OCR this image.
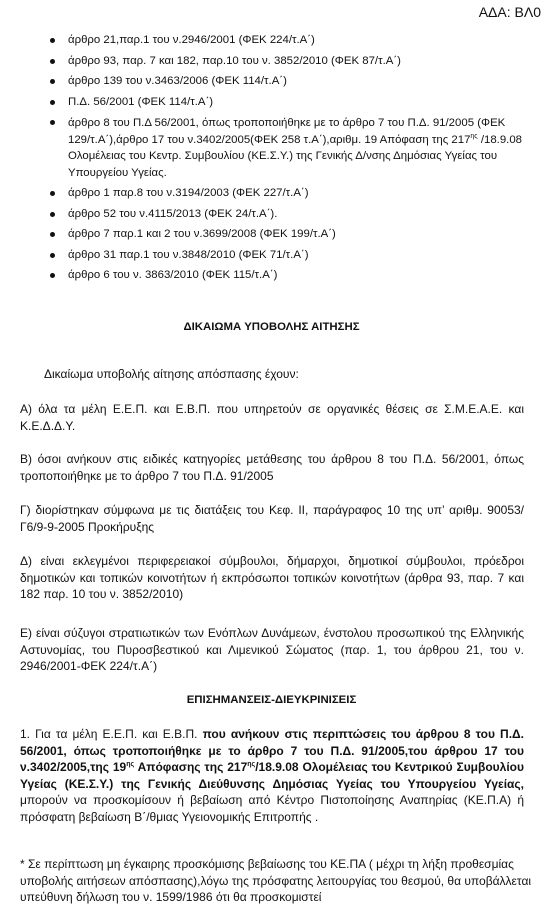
ΑΔΑ: ΒΛ0
άρθρο 21,παρ.1 του ν.2946/2001 (ΦΕΚ 224/τ.Α΄)
άρθρο 93, παρ. 7 και 182, παρ.10 του ν. 3852/2010 (ΦΕΚ 87/τ.Α΄)
άρθρο 139 του ν.3463/2006 (ΦΕΚ 114/τ.Α΄)
Π.Δ. 56/2001 (ΦΕΚ 114/τ.Α΄)
άρθρο 8 του Π.Δ 56/2001, όπως τροποποιήθηκε με το άρθρο 7 του Π.Δ. 91/2005 (ΦΕΚ 129/τ.Α΄),άρθρο 17 του ν.3402/2005(ΦΕΚ 258 τ.Α΄),αριθμ. 19 Απόφαση της $217^{\eta\varsigma}$ /18.9.08 Ολομέλειας του Κεντρ. Συμβουλίου (ΚΕ.Σ.Υ.) της Γενικής Δ/νσης Δημόσιας Υγείας του Υπουργείου Υγείας.
άρθρο 1 παρ.8 του ν.3194/2003 (ΦΕΚ 227/τ.Α΄)
άρθρο 52 του ν.4115/2013 (ΦΕΚ 24/τ.Α΄).
άρθρο 7 παρ.1 και 2 του ν.3699/2008 (ΦΕΚ 199/τ.Α΄)
άρθρο 31 παρ.1 του ν.3848/2010 (ΦΕΚ 71/τ.Α΄)
άρθρο 6 του ν. 3863/2010 (ΦΕΚ 115/τ.Α΄)
ΔΙΚΑΙΩΜΑ ΥΠΟΒΟΛΗΣ ΑΙΤΗΣΗΣ
Δικαίωμα υποβολής αίτησης απόσπασης έχουν:
Α) όλα τα μέλη Ε.Ε.Π. και Ε.Β.Π. που υπηρετούν σε οργανικές θέσεις σε Σ.Μ.Ε.Α.Ε. και Κ.Ε.Δ.Δ.Υ.
Β) όσοι ανήκουν στις ειδικές κατηγορίες μετάθεσης του άρθρου 8 του Π.Δ. 56/2001, όπως τροποποιήθηκε με το άρθρο 7 του Π.Δ. 91/2005
Γ) διορίστηκαν σύμφωνα με τις διατάξεις του Κεφ. ΙΙ, παράγραφος 10 της υπ’ αριθμ. 90053/Γ6/9-9-2005 Προκήρυξης
Δ) είναι εκλεγμένοι περιφερειακοί σύμβουλοι, δήμαρχοι, δημοτικοί σύμβουλοι, πρόεδροι δημοτικών και τοπικών κοινοτήτων ή εκπρόσωποι τοπικών κοινοτήτων (άρθρα 93, παρ. 7 και 182 παρ. 10 του ν. 3852/2010)
Ε) είναι σύζυγοι στρατιωτικών των Ενόπλων Δυνάμεων, ένστολου προσωπικού της Ελληνικής Αστυνομίας, του Πυροσβεστικού και Λιμενικού Σώματος (παρ. 1, του άρθρου 21, του ν. 2946/2001-ΦΕΚ 224/τ.Α΄)
ΕΠΙΣΗΜΑΝΣΕΙΣ-ΔΙΕΥΚΡΙΝΙΣΕΙΣ
1. Για τα μέλη Ε.Ε.Π. και Ε.Β.Π. που ανήκουν στις περιπτώσεις του άρθρου 8 του Π.Δ. 56/2001, όπως τροποποιήθηκε με το άρθρο 7 του Π.Δ. 91/2005,του άρθρου 17 του ν.3402/2005,της $19^{\eta\varsigma}$ Απόφασης της $217^{\eta\varsigma}/18.9.08$ Ολομέλειας του Κεντρικού Συμβουλίου Υγείας (ΚΕ.Σ.Υ.) της Γενικής Διεύθυνσης Δημόσιας Υγείας του Υπουργείου Υγείας, μπορούν να προσκομίσουν ή βεβαίωση από Κέντρο Πιστοποίησης Αναπηρίας (ΚΕ.Π.Α) ή πρόσφατη βεβαίωση Β΄/θμιας Υγειονομικής Επιτροπής .
* Σε περίπτωση μη έγκαιρης προσκόμισης βεβαίωσης του ΚΕ.ΠΑ ( μέχρι τη λήξη προθεσμίας υποβολής αιτήσεων απόσπασης),λόγω της πρόσφατης λειτουργίας του θεσμού, θα υποβάλλεται υπεύθυνη δήλωση του ν. 1599/1986 ότι θα προσκομιστεί
